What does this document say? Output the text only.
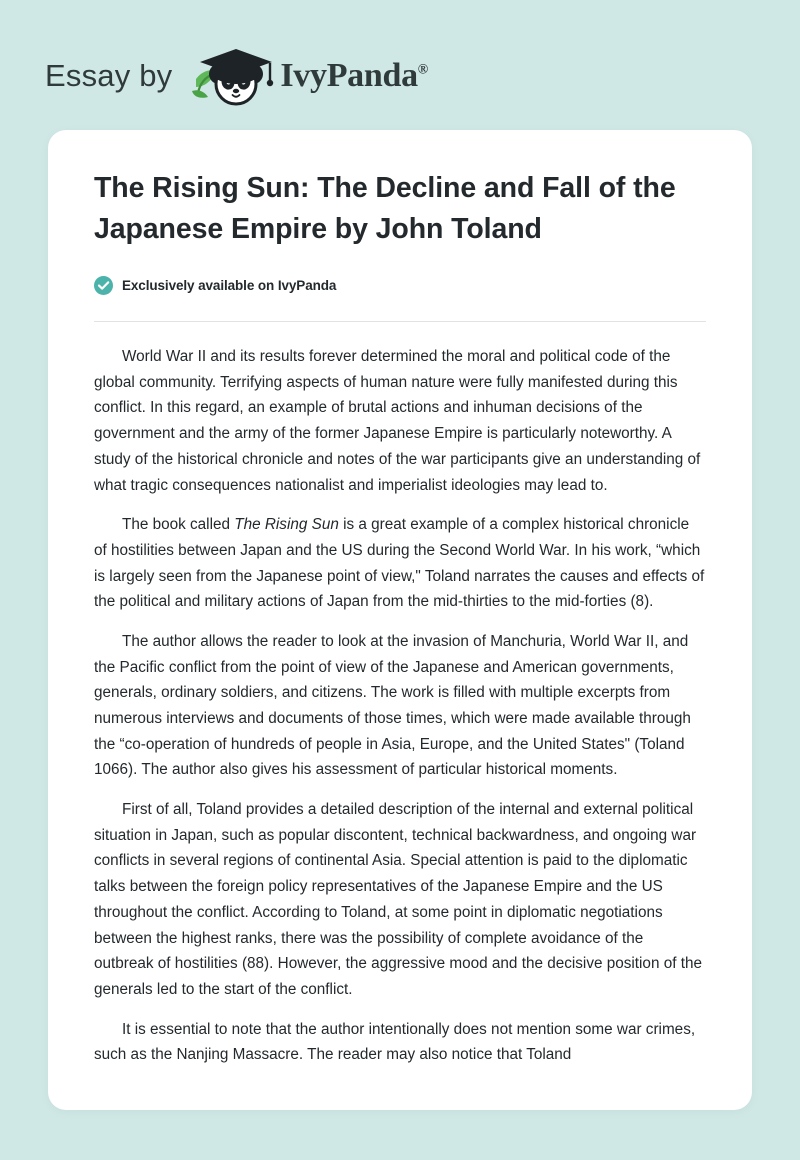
Essay by	IvyPanda®
The Rising Sun: The Decline and Fall of the Japanese Empire by John Toland
Exclusively available on IvyPanda

World War II and its results forever determined the moral and political code of the global community. Terrifying aspects of human nature were fully manifested during this conflict. In this regard, an example of brutal actions and inhuman decisions of the government and the army of the former Japanese Empire is particularly noteworthy. A study of the historical chronicle and notes of the war participants give an understanding of what tragic consequences nationalist and imperialist ideologies may lead to.

The book called The Rising Sun is a great example of a complex historical chronicle of hostilities between Japan and the US during the Second World War. In his work, “which is largely seen from the Japanese point of view," Toland narrates the causes and effects of the political and military actions of Japan from the mid-thirties to the mid-forties (8).

The author allows the reader to look at the invasion of Manchuria, World War II, and the Pacific conflict from the point of view of the Japanese and American governments, generals, ordinary soldiers, and citizens. The work is filled with multiple excerpts from numerous interviews and documents of those times, which were made available through the “co-operation of hundreds of people in Asia, Europe, and the United States" (Toland 1066). The author also gives his assessment of particular historical moments.

First of all, Toland provides a detailed description of the internal and external political situation in Japan, such as popular discontent, technical backwardness, and ongoing war conflicts in several regions of continental Asia. Special attention is paid to the diplomatic talks between the foreign policy representatives of the Japanese Empire and the US throughout the conflict. According to Toland, at some point in diplomatic negotiations between the highest ranks, there was the possibility of complete avoidance of the outbreak of hostilities (88). However, the aggressive mood and the decisive position of the generals led to the start of the conflict.

It is essential to note that the author intentionally does not mention some war crimes, such as the Nanjing Massacre. The reader may also notice that Toland
